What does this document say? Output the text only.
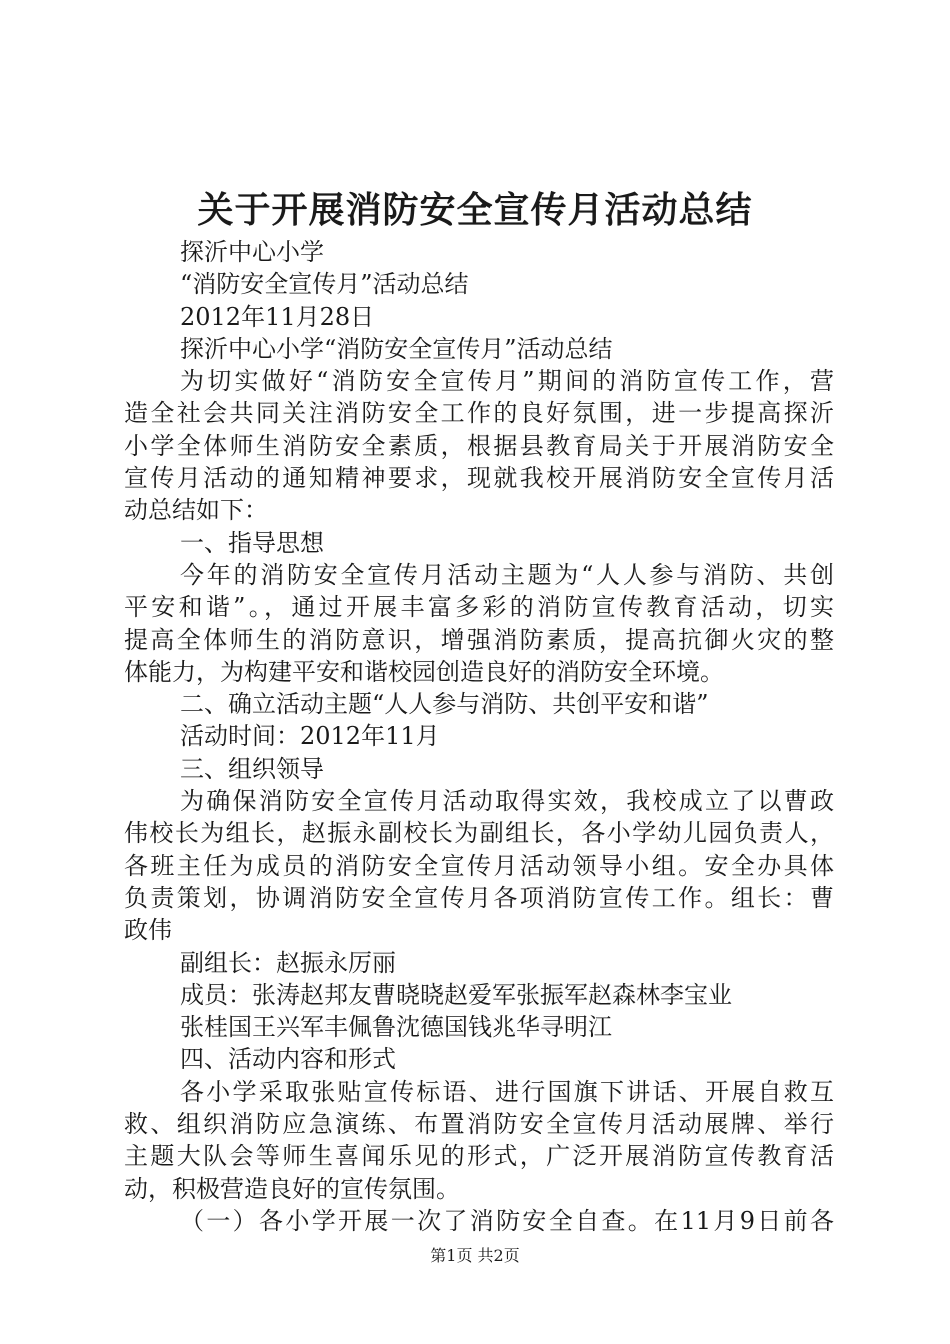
关于开展消防安全宣传月活动总结
探沂中心小学
“消防安全宣传月”活动总结
2012年11月28日
探沂中心小学“消防安全宣传月”活动总结
为切实做好“消防安全宣传月”期间的消防宣传工作，营
造全社会共同关注消防安全工作的良好氛围，进一步提高探沂
小学全体师生消防安全素质，根据县教育局关于开展消防安全
宣传月活动的通知精神要求，现就我校开展消防安全宣传月活
动总结如下：
一、指导思想
今年的消防安全宣传月活动主题为“人人参与消防、共创
平安和谐”。，通过开展丰富多彩的消防宣传教育活动，切实
提高全体师生的消防意识，增强消防素质，提高抗御火灾的整
体能力，为构建平安和谐校园创造良好的消防安全环境。
二、确立活动主题“人人参与消防、共创平安和谐”
活动时间：2012年11月
三、组织领导
为确保消防安全宣传月活动取得实效，我校成立了以曹政
伟校长为组长，赵振永副校长为副组长，各小学幼儿园负责人，
各班主任为成员的消防安全宣传月活动领导小组。安全办具体
负责策划，协调消防安全宣传月各项消防宣传工作。组长：曹
政伟
副组长：赵振永厉丽
成员：张涛赵邦友曹晓晓赵爱军张振军赵森林李宝业
张桂国王兴军丰佩鲁沈德国钱兆华寻明江
四、活动内容和形式
各小学采取张贴宣传标语、进行国旗下讲话、开展自救互
救、组织消防应急演练、布置消防安全宣传月活动展牌、举行
主题大队会等师生喜闻乐见的形式，广泛开展消防宣传教育活
动，积极营造良好的宣传氛围。
（一）各小学开展一次了消防安全自查。在11月9日前各
第1页 共2页
